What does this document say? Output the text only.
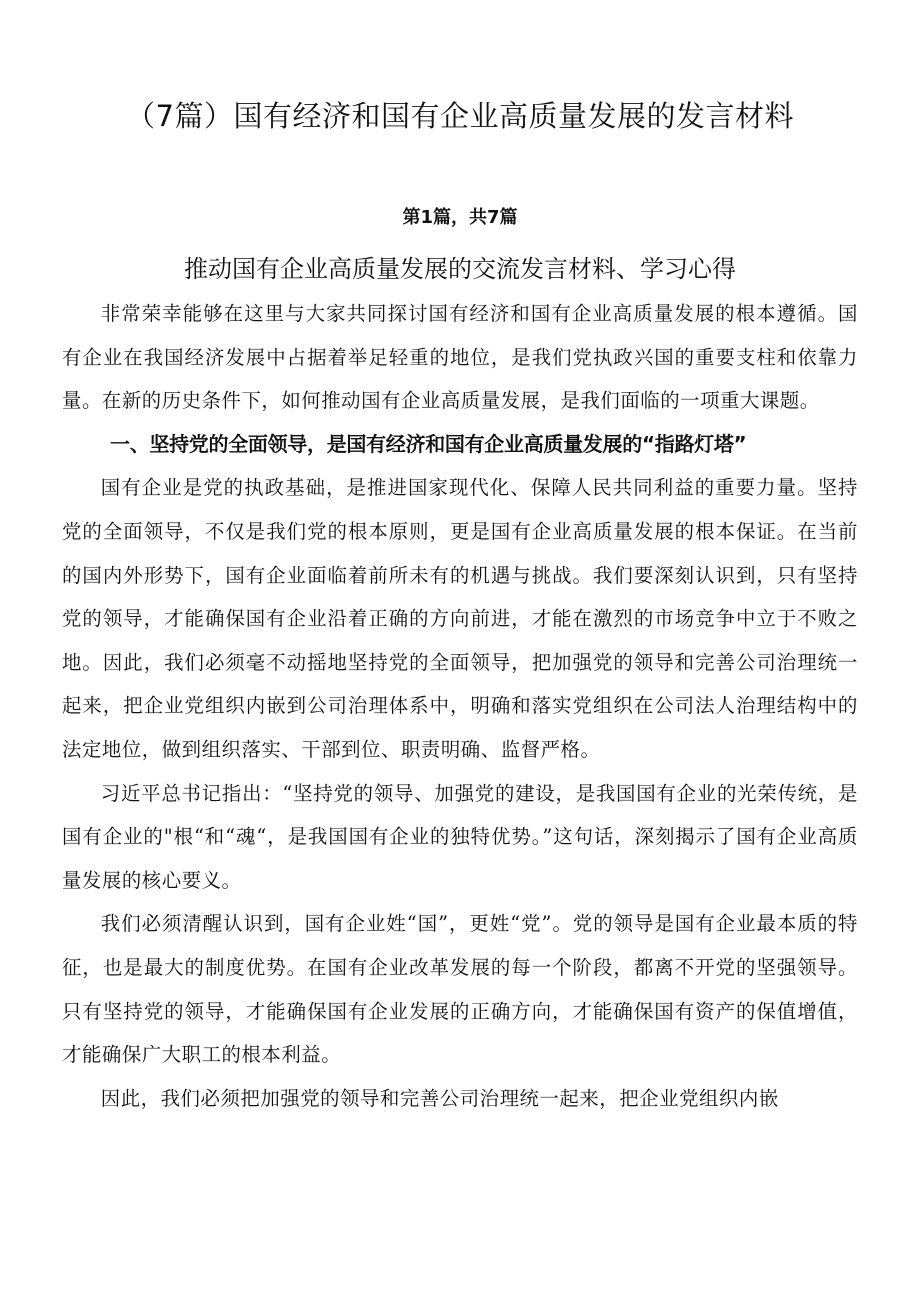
（7篇）国有经济和国有企业高质量发展的发言材料
第1篇，共7篇
推动国有企业高质量发展的交流发言材料、学习心得

非常荣幸能够在这里与大家共同探讨国有经济和国有企业高质量发展的根本遵循。国有企业在我国经济发展中占据着举足轻重的地位，是我们党执政兴国的重要支柱和依靠力量。在新的历史条件下，如何推动国有企业高质量发展，是我们面临的一项重大课题。

一、坚持党的全面领导，是国有经济和国有企业高质量发展的“指路灯塔”

国有企业是党的执政基础，是推进国家现代化、保障人民共同利益的重要力量。坚持党的全面领导，不仅是我们党的根本原则，更是国有企业高质量发展的根本保证。在当前的国内外形势下，国有企业面临着前所未有的机遇与挑战。我们要深刻认识到，只有坚持党的领导，才能确保国有企业沿着正确的方向前进，才能在激烈的市场竞争中立于不败之地。因此，我们必须毫不动摇地坚持党的全面领导，把加强党的领导和完善公司治理统一起来，把企业党组织内嵌到公司治理体系中，明确和落实党组织在公司法人治理结构中的法定地位，做到组织落实、干部到位、职责明确、监督严格。

习近平总书记指出：“坚持党的领导、加强党的建设，是我国国有企业的光荣传统，是国有企业的"根“和“魂“，是我国国有企业的独特优势。”这句话，深刻揭示了国有企业高质量发展的核心要义。

我们必须清醒认识到，国有企业姓“国”，更姓“党”。党的领导是国有企业最本质的特征，也是最大的制度优势。在国有企业改革发展的每一个阶段，都离不开党的坚强领导。只有坚持党的领导，才能确保国有企业发展的正确方向，才能确保国有资产的保值增值，才能确保广大职工的根本利益。

因此，我们必须把加强党的领导和完善公司治理统一起来，把企业党组织内嵌
